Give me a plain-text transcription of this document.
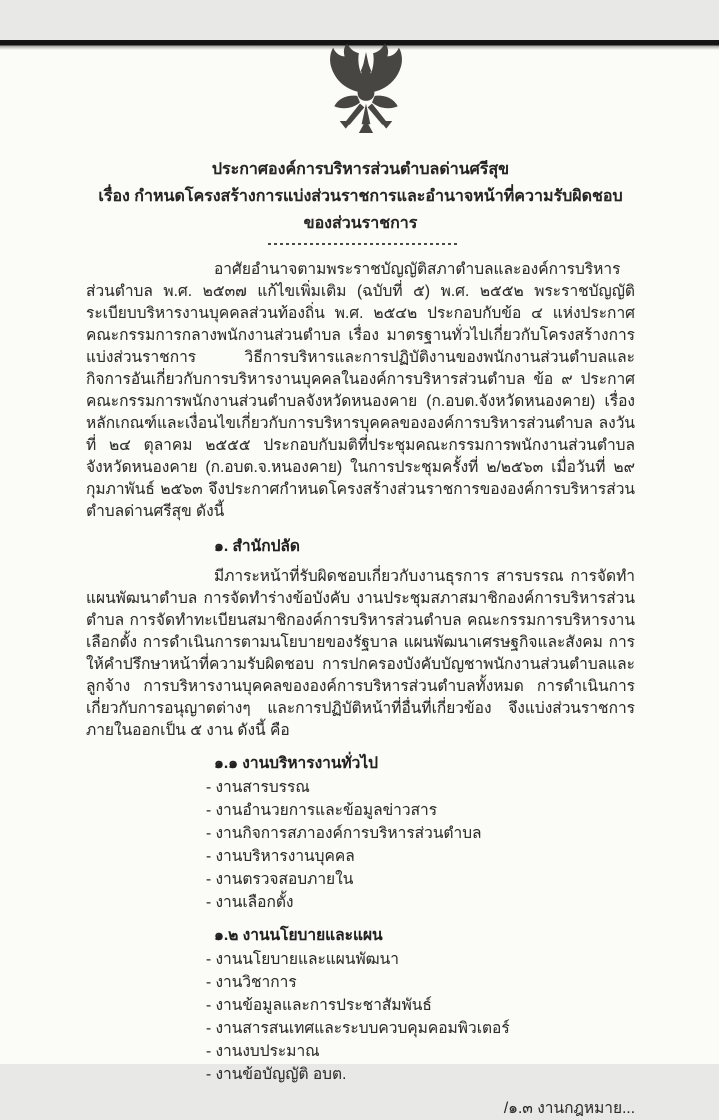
ประกาศองค์การบริหารส่วนตำบลด่านศรีสุข
เรื่อง กำหนดโครงสร้างการแบ่งส่วนราชการและอำนาจหน้าที่ความรับผิดชอบของส่วนราชการ

อาศัยอำนาจตามพระราชบัญญัติสภาตำบลและองค์การบริหารส่วนตำบล พ.ศ. ๒๕๓๗ แก้ไขเพิ่มเติม (ฉบับที่ ๕) พ.ศ. ๒๕๕๒ พระราชบัญญัติระเบียบบริหารงานบุคคลส่วนท้องถิ่น พ.ศ. ๒๕๔๒ ประกอบกับข้อ ๔ แห่งประกาศคณะกรรมการกลางพนักงานส่วนตำบล เรื่อง มาตรฐานทั่วไปเกี่ยวกับโครงสร้างการแบ่งส่วนราชการ วิธีการบริหารและการปฏิบัติงานของพนักงานส่วนตำบลและกิจการอันเกี่ยวกับการบริหารงานบุคคลในองค์การบริหารส่วนตำบล ข้อ ๙ ประกาศคณะกรรมการพนักงานส่วนตำบลจังหวัดหนองคาย (ก.อบต.จังหวัดหนองคาย) เรื่องหลักเกณฑ์และเงื่อนไขเกี่ยวกับการบริหารบุคคลขององค์การบริหารส่วนตำบล ลงวันที่ ๒๔ ตุลาคม ๒๕๕๕ ประกอบกับมติที่ประชุมคณะกรรมการพนักงานส่วนตำบลจังหวัดหนองคาย (ก.อบต.จ.หนองคาย) ในการประชุมครั้งที่ ๒/๒๕๖๓ เมื่อวันที่ ๒๙ กุมภาพันธ์ ๒๕๖๓ จึงประกาศกำหนดโครงสร้างส่วนราชการขององค์การบริหารส่วนตำบลด่านศรีสุข ดังนี้

๑. สำนักปลัด

มีภาระหน้าที่รับผิดชอบเกี่ยวกับงานธุรการ สารบรรณ การจัดทำแผนพัฒนาตำบล การจัดทำร่างข้อบังคับ งานประชุมสภาสมาชิกองค์การบริหารส่วนตำบล การจัดทำทะเบียนสมาชิกองค์การบริหารส่วนตำบล คณะกรรมการบริหารงานเลือกตั้ง การดำเนินการตามนโยบายของรัฐบาล แผนพัฒนาเศรษฐกิจและสังคม การให้คำปรึกษาหน้าที่ความรับผิดชอบ การปกครองบังคับบัญชาพนักงานส่วนตำบลและลูกจ้าง การบริหารงานบุคคลขององค์การบริหารส่วนตำบลทั้งหมด การดำเนินการเกี่ยวกับการอนุญาตต่างๆ และการปฏิบัติหน้าที่อื่นที่เกี่ยวข้อง จึงแบ่งส่วนราชการภายในออกเป็น ๕ งาน ดังนี้ คือ

๑.๑ งานบริหารงานทั่วไป
- งานสารบรรณ
- งานอำนวยการและข้อมูลข่าวสาร
- งานกิจการสภาองค์การบริหารส่วนตำบล
- งานบริหารงานบุคคล
- งานตรวจสอบภายใน
- งานเลือกตั้ง
๑.๒ งานนโยบายและแผน
- งานนโยบายและแผนพัฒนา
- งานวิชาการ
- งานข้อมูลและการประชาสัมพันธ์
- งานสารสนเทศและระบบควบคุมคอมพิวเตอร์
- งานงบประมาณ
- งานข้อบัญญัติ อบต.
/๑.๓ งานกฎหมาย...
